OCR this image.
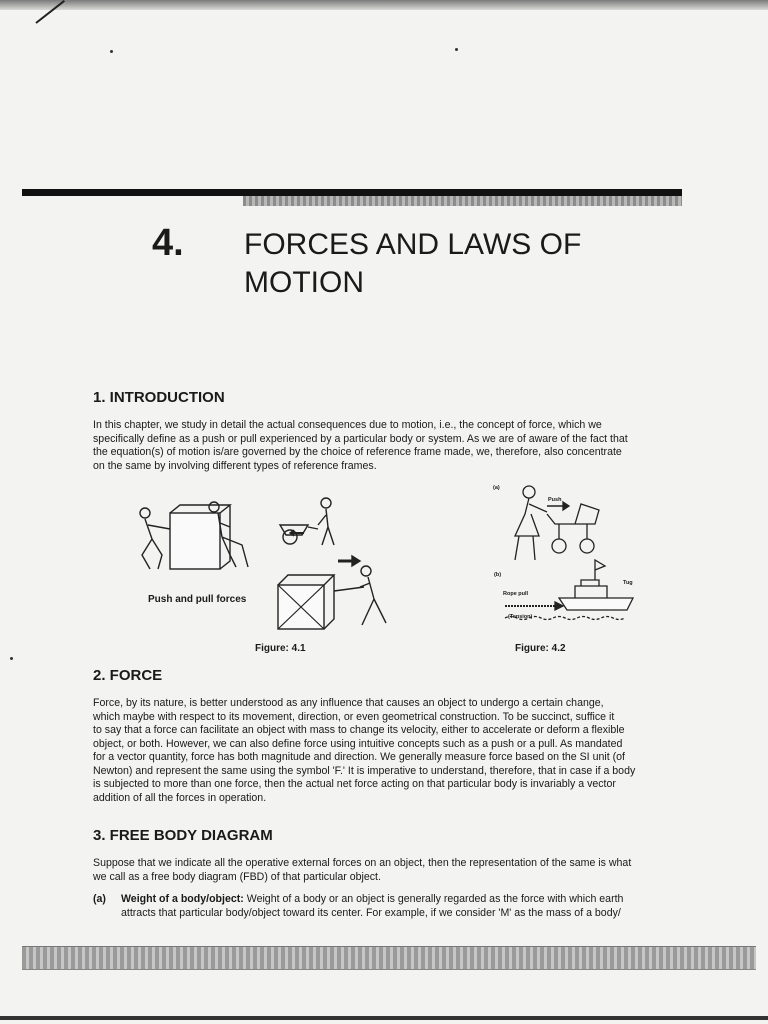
4. FORCES AND LAWS OF
MOTION
1. INTRODUCTION
In this chapter, we study in detail the actual consequences due to motion, i.e., the concept of force, which we
specifically define as a push or pull experienced by a particular body or system. As we are of aware of the fact that
the equation(s) of motion is/are governed by the choice of reference frame made, we, therefore, also concentrate
on the same by involving different types of reference frames.
Push and pull forces
Figure: 4.1
(a)
Push
(b)
Rope pull
(Tension)
Tug
Figure: 4.2
2. FORCE
Force, by its nature, is better understood as any influence that causes an object to undergo a certain change,
which maybe with respect to its movement, direction, or even geometrical construction. To be succinct, suffice it
to say that a force can facilitate an object with mass to change its velocity, either to accelerate or deform a flexible
object, or both. However, we can also define force using intuitive concepts such as a push or a pull. As mandated
for a vector quantity, force has both magnitude and direction. We generally measure force based on the SI unit (of
Newton) and represent the same using the symbol 'F.' It is imperative to understand, therefore, that in case if a body
is subjected to more than one force, then the actual net force acting on that particular body is invariably a vector
addition of all the forces in operation.
3. FREE BODY DIAGRAM
Suppose that we indicate all the operative external forces on an object, then the representation of the same is what
we call as a free body diagram (FBD) of that particular object.
(a)	Weight of a body/object: Weight of a body or an object is generally regarded as the force with which earth
attracts that particular body/object toward its center. For example, if we consider 'M' as the mass of a body/
